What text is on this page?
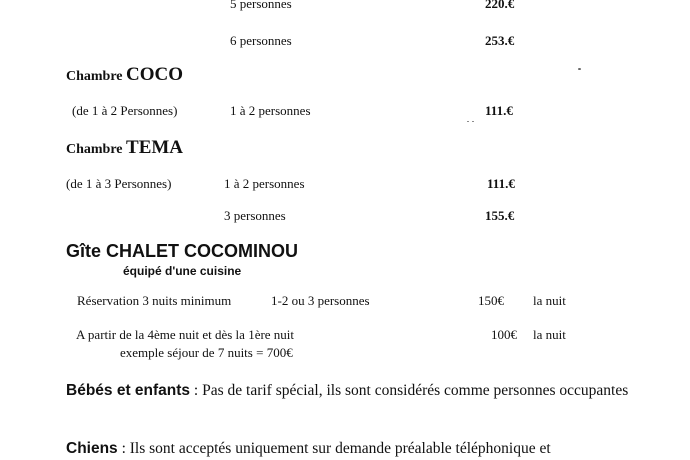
5 personnes	220.€
6 personnes	253.€
Chambre COCO
(de 1 à 2 Personnes)	1 à 2 personnes	111.€
Chambre TEMA
(de 1 à 3 Personnes)	1 à 2 personnes	111.€
3 personnes	155.€
Gîte CHALET COCOMINOU
équipé d'une cuisine
Réservation 3 nuits minimum	1-2 ou 3 personnes	150€ la nuit
A partir de la 4ème nuit et dès la 1ère nuit	100€ la nuit
exemple séjour de 7 nuits = 700€
Bébés et enfants : Pas de tarif spécial, ils sont considérés comme personnes occupantes
Chiens : Ils sont acceptés uniquement sur demande préalable téléphonique et
